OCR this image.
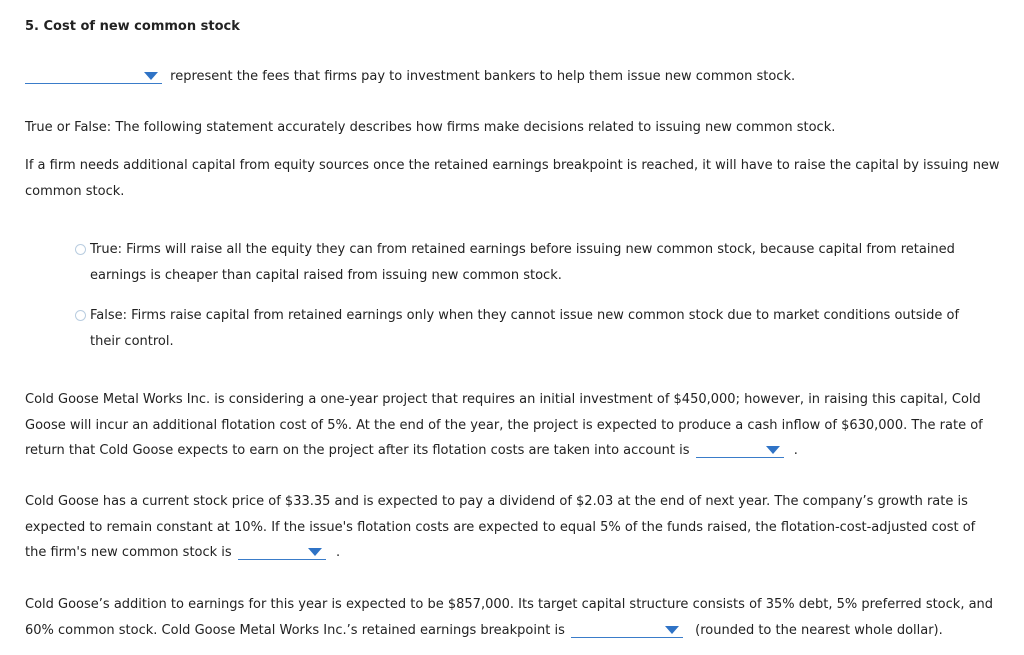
5. Cost of new common stock
represent the fees that firms pay to investment bankers to help them issue new common stock.
True or False: The following statement accurately describes how firms make decisions related to issuing new common stock.
If a firm needs additional capital from equity sources once the retained earnings breakpoint is reached, it will have to raise the capital by issuing new common stock.
True: Firms will raise all the equity they can from retained earnings before issuing new common stock, because capital from retained earnings is cheaper than capital raised from issuing new common stock.
False: Firms raise capital from retained earnings only when they cannot issue new common stock due to market conditions outside of their control.
Cold Goose Metal Works Inc. is considering a one-year project that requires an initial investment of $450,000; however, in raising this capital, Cold Goose will incur an additional flotation cost of 5%. At the end of the year, the project is expected to produce a cash inflow of $630,000. The rate of return that Cold Goose expects to earn on the project after its flotation costs are taken into account is	.
Cold Goose has a current stock price of $33.35 and is expected to pay a dividend of $2.03 at the end of next year. The company’s growth rate is expected to remain constant at 10%. If the issue's flotation costs are expected to equal 5% of the funds raised, the flotation-cost-adjusted cost of the firm's new common stock is	.
Cold Goose’s addition to earnings for this year is expected to be $857,000. Its target capital structure consists of 35% debt, 5% preferred stock, and 60% common stock. Cold Goose Metal Works Inc.’s retained earnings breakpoint is	(rounded to the nearest whole dollar).
